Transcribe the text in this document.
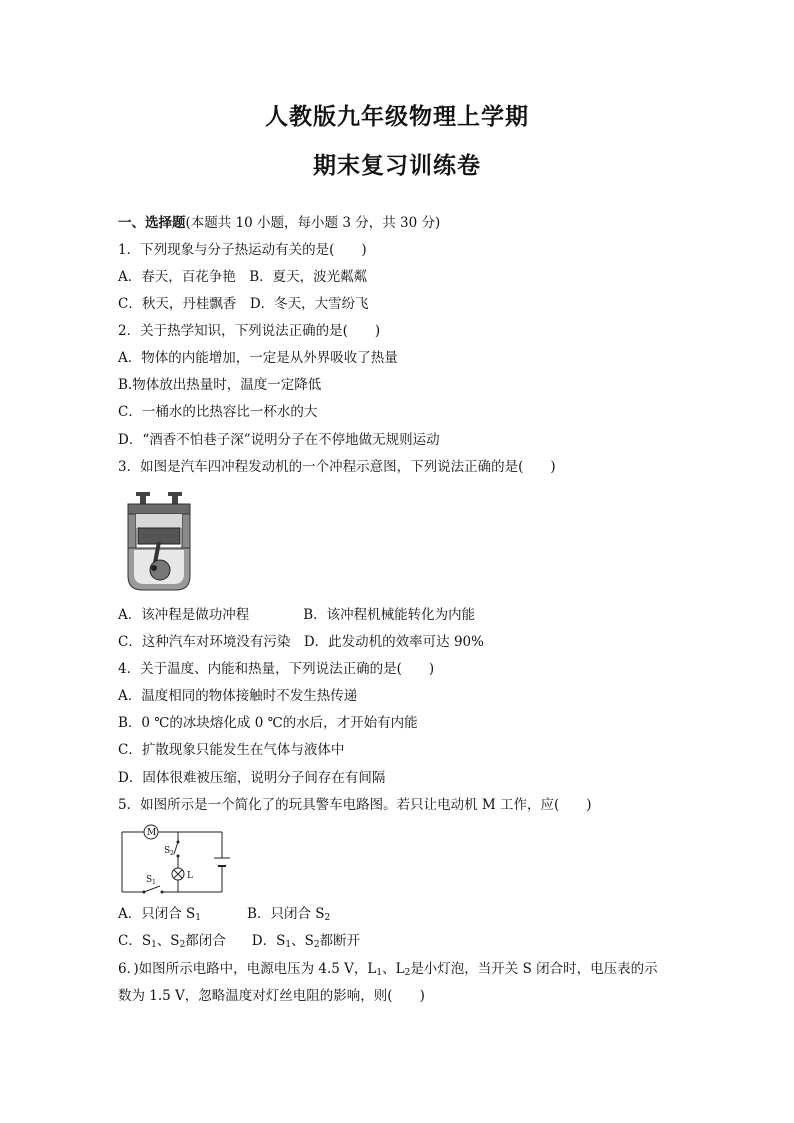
人教版九年级物理上学期
期末复习训练卷
一、选择题(本题共 10 小题，每小题 3 分，共 30 分)
1．下列现象与分子热运动有关的是(　　)
A．春天，百花争艳　B．夏天，波光粼粼
C．秋天，丹桂飘香　D．冬天，大雪纷飞
2．关于热学知识，下列说法正确的是(　　)
A．物体的内能增加，一定是从外界吸收了热量
B.物体放出热量时，温度一定降低
C．一桶水的比热容比一杯水的大
D．“酒香不怕巷子深”说明分子在不停地做无规则运动
3．如图是汽车四冲程发动机的一个冲程示意图，下列说法正确的是(　　)
A．该冲程是做功冲程　　　　B．该冲程机械能转化为内能
C．这种汽车对环境没有污染　D．此发动机的效率可达 90%
4．关于温度、内能和热量，下列说法正确的是(　　)
A．温度相同的物体接触时不发生热传递
B．0 ℃的冰块熔化成 0 ℃的水后，才开始有内能
C．扩散现象只能发生在气体与液体中
D．固体很难被压缩，说明分子间存在有间隔
5．如图所示是一个简化了的玩具警车电路图。若只让电动机 M 工作，应(　　)
M
S 2
S 1
L
A．只闭合 $S_1$	B．只闭合 $S_2$
C．$S_1$、$S_2$都闭合 D．$S_1$、$S_2$都断开
6．)如图所示电路中，电源电压为 4.5 V，$L_1$、$L_2$是小灯泡，当开关 S 闭合时，电压表的示
数为 1.5 V，忽略温度对灯丝电阻的影响，则(　　)
